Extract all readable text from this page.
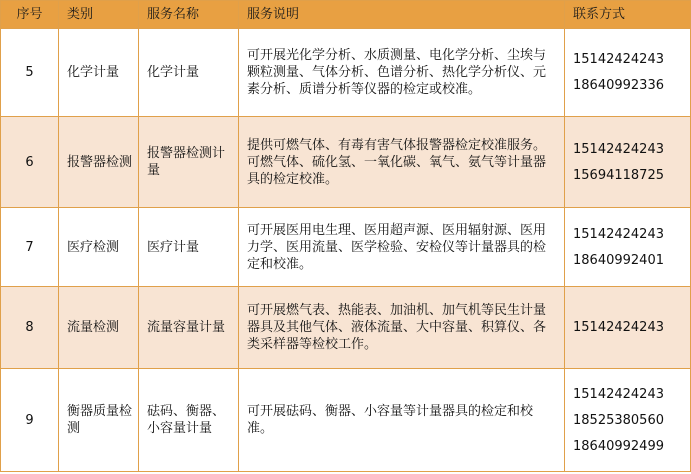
序号	类别	服务名称	服务说明	联系方式
5	化学计量	化学计量	可开展光化学分析、水质测量、电化学分析、尘埃与颗粒测量、气体分析、色谱分析、热化学分析仪、元素分析、质谱分析等仪器的检定或校准。	15142424243
18640992336

6	报警器检测	报警器检测计量	提供可燃气体、有毒有害气体报警器检定校准服务。可燃气体、硫化氢、一氧化碳、氧气、氨气等计量器具的检定校准。	15142424243
15694118725

7	医疗检测	医疗计量	可开展医用电生理、医用超声源、医用辐射源、医用力学、医用流量、医学检验、安检仪等计量器具的检定和校准。	15142424243
18640992401

8	流量检测	流量容量计量	可开展燃气表、热能表、加油机、加气机等民生计量器具及其他气体、液体流量、大中容量、积算仪、各类采样器等检校工作。	15142424243

9	衡器质量检测	砝码、衡器、小容量计量	可开展砝码、衡器、小容量等计量器具的检定和校准。	15142424243
18525380560
18640992499
